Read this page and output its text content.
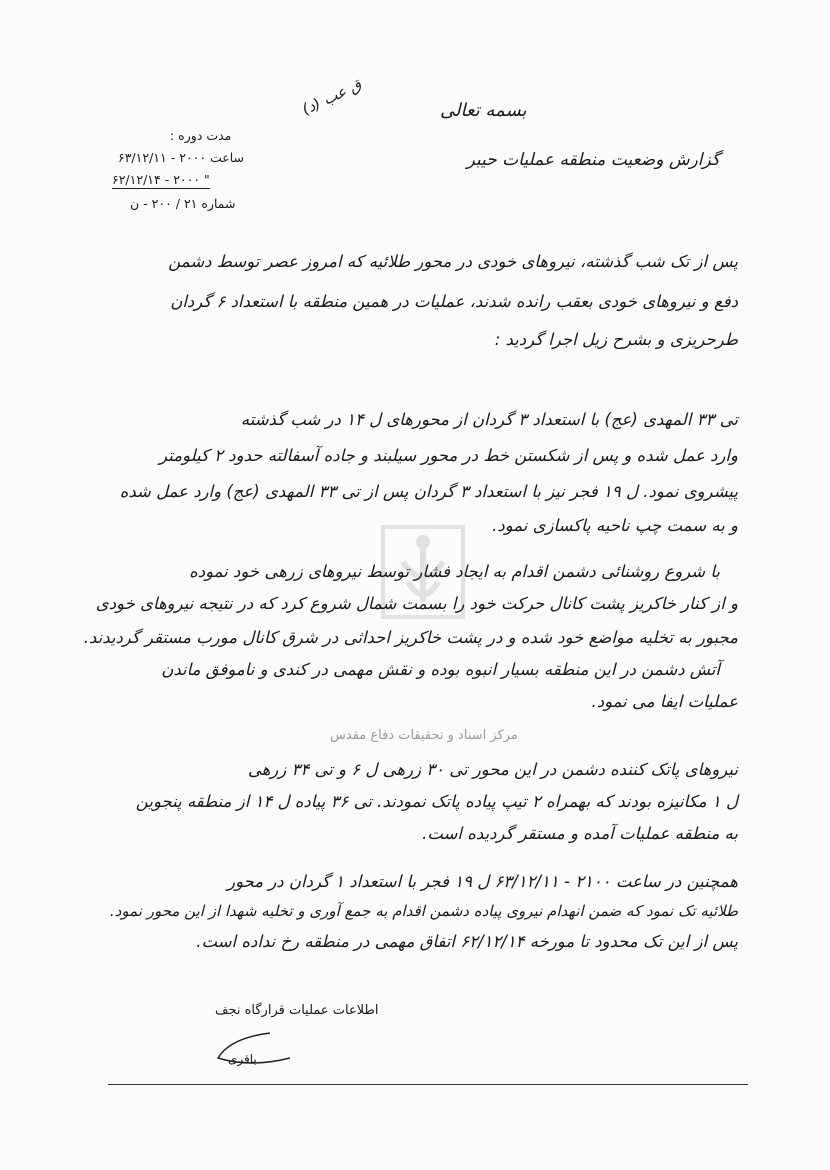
بسمه تعالی
ق عب (د)
مدت دوره :
ساعت ۲۰۰۰ - ۶۳/۱۲/۱۱
" ۲۰۰۰ - ۶۲/۱۲/۱۴
شماره ۲۱ / ۲۰۰ - ن
گزارش وضعیت منطقه عملیات حیبر
پس از تک شب گذشته، نیروهای خودی در محور طلائیه که امروز عصر توسط دشمن
دفع و نیروهای خودی بعقب رانده شدند، عملیات در همین منطقه با استعداد ۶ گردان
طرحریزی و بشرح زیل اجرا گردید :
تی ۳۳ المهدی (عج) با استعداد ۳ گردان از محورهای ل ۱۴ در شب گذشته
وارد عمل شده و پس از شکستن خط در محور سیلبند و جاده آسفالته حدود ۲ کیلومتر
پیشروی نمود. ل ۱۹ فجر نیز با استعداد ۳ گردان پس از تی ۳۳ المهدی (عج) وارد عمل شده
و به سمت چپ ناحیه پاکسازی نمود.
مرکز اسناد و تحقیقات دفاع مقدس
با شروع روشنائی دشمن اقدام به ایجاد فشار توسط نیروهای زرهی خود نموده
و از کنار خاکریز پشت کانال حرکت خود را بسمت شمال شروع کرد که در نتیجه نیروهای خودی
مجبور به تخلیه مواضع خود شده و در پشت خاکریز احداثی در شرق کانال مورب مستقر گردیدند.
آتش دشمن در این منطقه بسیار انبوه بوده و نقش مهمی در کندی و ناموفق ماندن
عملیات ایفا می نمود.
نیروهای پاتک کننده دشمن در این محور تی ۳۰ زرهی ل ۶ و تی ۳۴ زرهی
ل ۱ مکانیزه بودند که بهمراه ۲ تیپ پیاده پاتک نمودند. تی ۳۶ پیاده ل ۱۴ از منطقه پنجوین
به منطقه عملیات آمده و مستقر گردیده است.
همچنین در ساعت ۲۱۰۰ - ۶۳/۱۲/۱۱ ل ۱۹ فجر با استعداد ۱ گردان در محور
طلائیه تک نمود که ضمن انهدام نیروی پیاده دشمن اقدام به جمع آوری و تخلیه شهدا از این محور نمود.
پس از این تک محدود تا مورخه ۶۲/۱۲/۱۴ اتفاق مهمی در منطقه رخ نداده است.
اطلاعات عملیات قرارگاه نجف
باقری
